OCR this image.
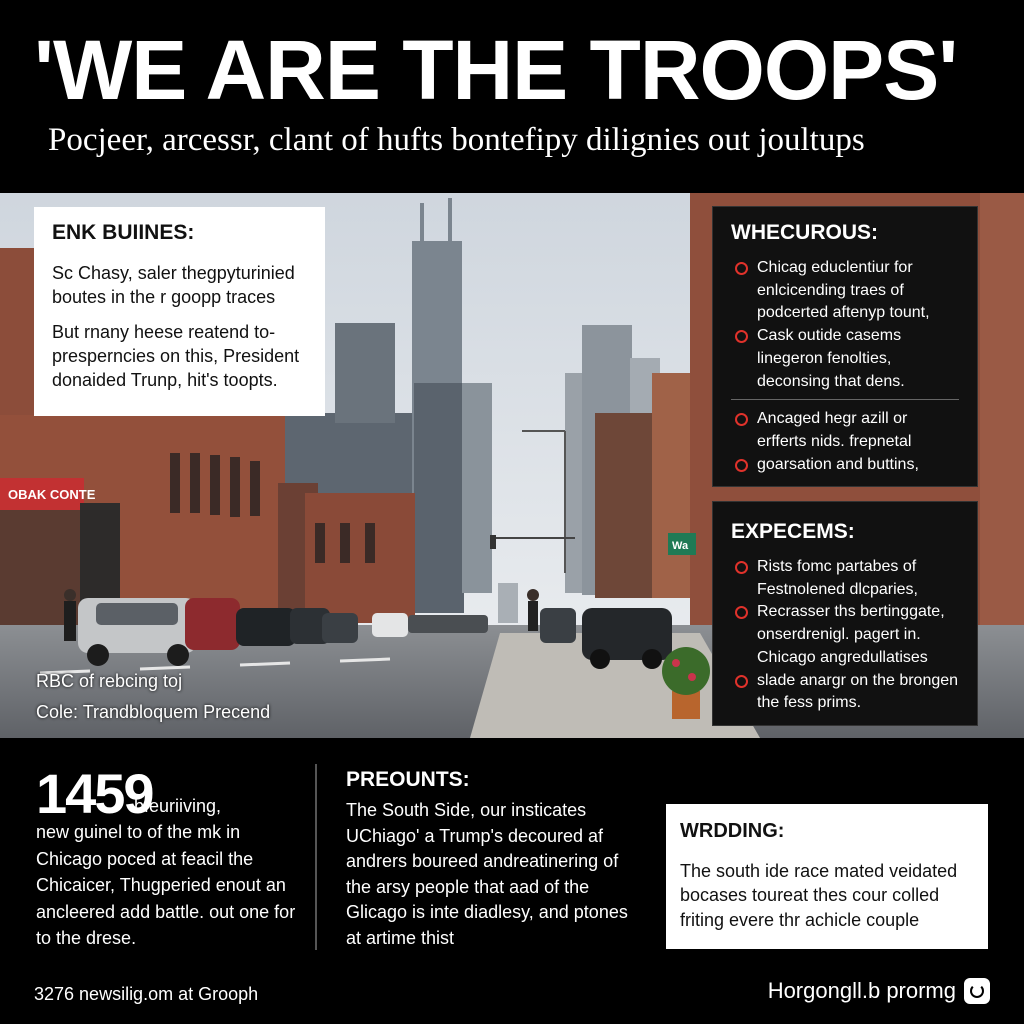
'WE ARE THE TROOPS'
Pocjeer, arcessr, clant of hufts bontefipy dilignies out joultups
OBAK CONTE
Wa
ENK BUIINES:

Sc Chasy, saler thegpyturinied boutes in the r goopp traces

But rnany heese reatend to- presperncies on this, President donaided Trunp, hit's toopts.

WHECUROUS:
Chicag educlentiur for enlcicending traes of podcerted aftenyp tount,
Cask outide casems linegeron fenolties, deconsing that dens.
Ancaged hegr azill or erfferts nids. frepnetal
goarsation and buttins,
EXPECEMS:
Rists fomc partabes of Festnolened dlcparies,
Recrasser ths bertinggate, onserdrenigl. pagert in. Chicago angredullatises
slade anargr on the brongen the fess prims.
RBC of rebcing toj
Cole: Trandbloquem Precend
1459
bfeuriiving,
new guinel to of the mk in Chicago poced at feacil the Chicaicer, Thugperied enout an ancleered add battle. out one for to the drese.
PREOUNTS:
The South Side, our insticates UChiago' a Trump's decoured af andrers boureed andreatinering of the arsy people that aad of the Glicago is inte diadlesy, and ptones at artime thist
WRDDING:

The south ide race mated veidated bocases toureat thes cour colled friting evere thr achicle couple

3276 newsilig.om at Grooph	Horgongll.b prormg
